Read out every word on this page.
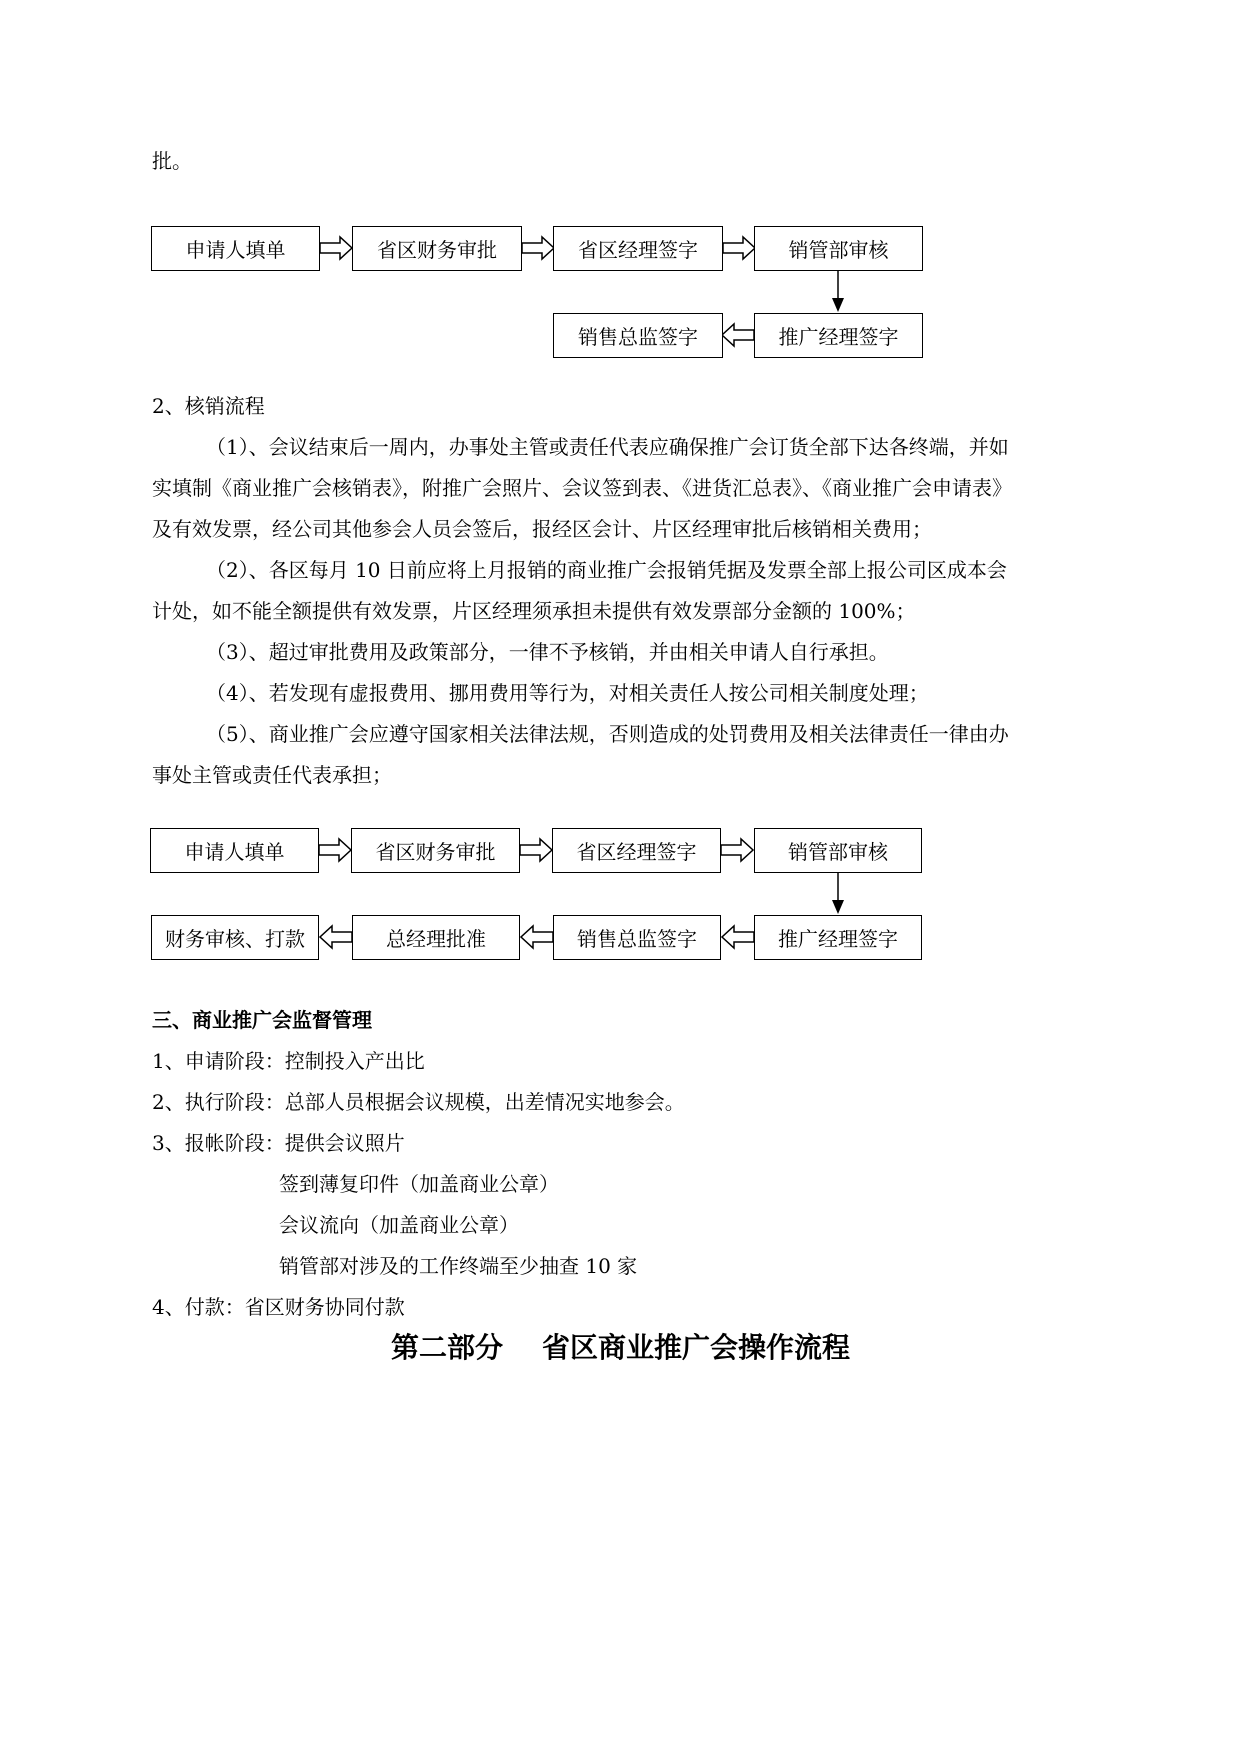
批。
申请人填单	省区财务审批	省区经理签字	销管部审核
推广经理签字
销售总监签字
2、核销流程
（1）、会议结束后一周内，办事处主管或责任代表应确保推广会订货全部下达各终端，并如
实填制《商业推广会核销表》，附推广会照片、会议签到表、《进货汇总表》、《商业推广会申请表》
及有效发票，经公司其他参会人员会签后，报经区会计、片区经理审批后核销相关费用；
（2）、各区每月 10 日前应将上月报销的商业推广会报销凭据及发票全部上报公司区成本会
计处，如不能全额提供有效发票，片区经理须承担未提供有效发票部分金额的 100%；
（3）、超过审批费用及政策部分，一律不予核销，并由相关申请人自行承担。
（4）、若发现有虚报费用、挪用费用等行为，对相关责任人按公司相关制度处理；
（5）、商业推广会应遵守国家相关法律法规，否则造成的处罚费用及相关法律责任一律由办
事处主管或责任代表承担；
申请人填单	省区财务审批	省区经理签字	销管部审核
推广经理签字
销售总监签字
总经理批准
财务审核、打款
三、商业推广会监督管理
1、申请阶段：控制投入产出比
2、执行阶段：总部人员根据会议规模，出差情况实地参会。
3、报帐阶段：提供会议照片
签到薄复印件（加盖商业公章）
会议流向（加盖商业公章）
销管部对涉及的工作终端至少抽查 10 家
4、付款：省区财务协同付款
第二部分    省区商业推广会操作流程
